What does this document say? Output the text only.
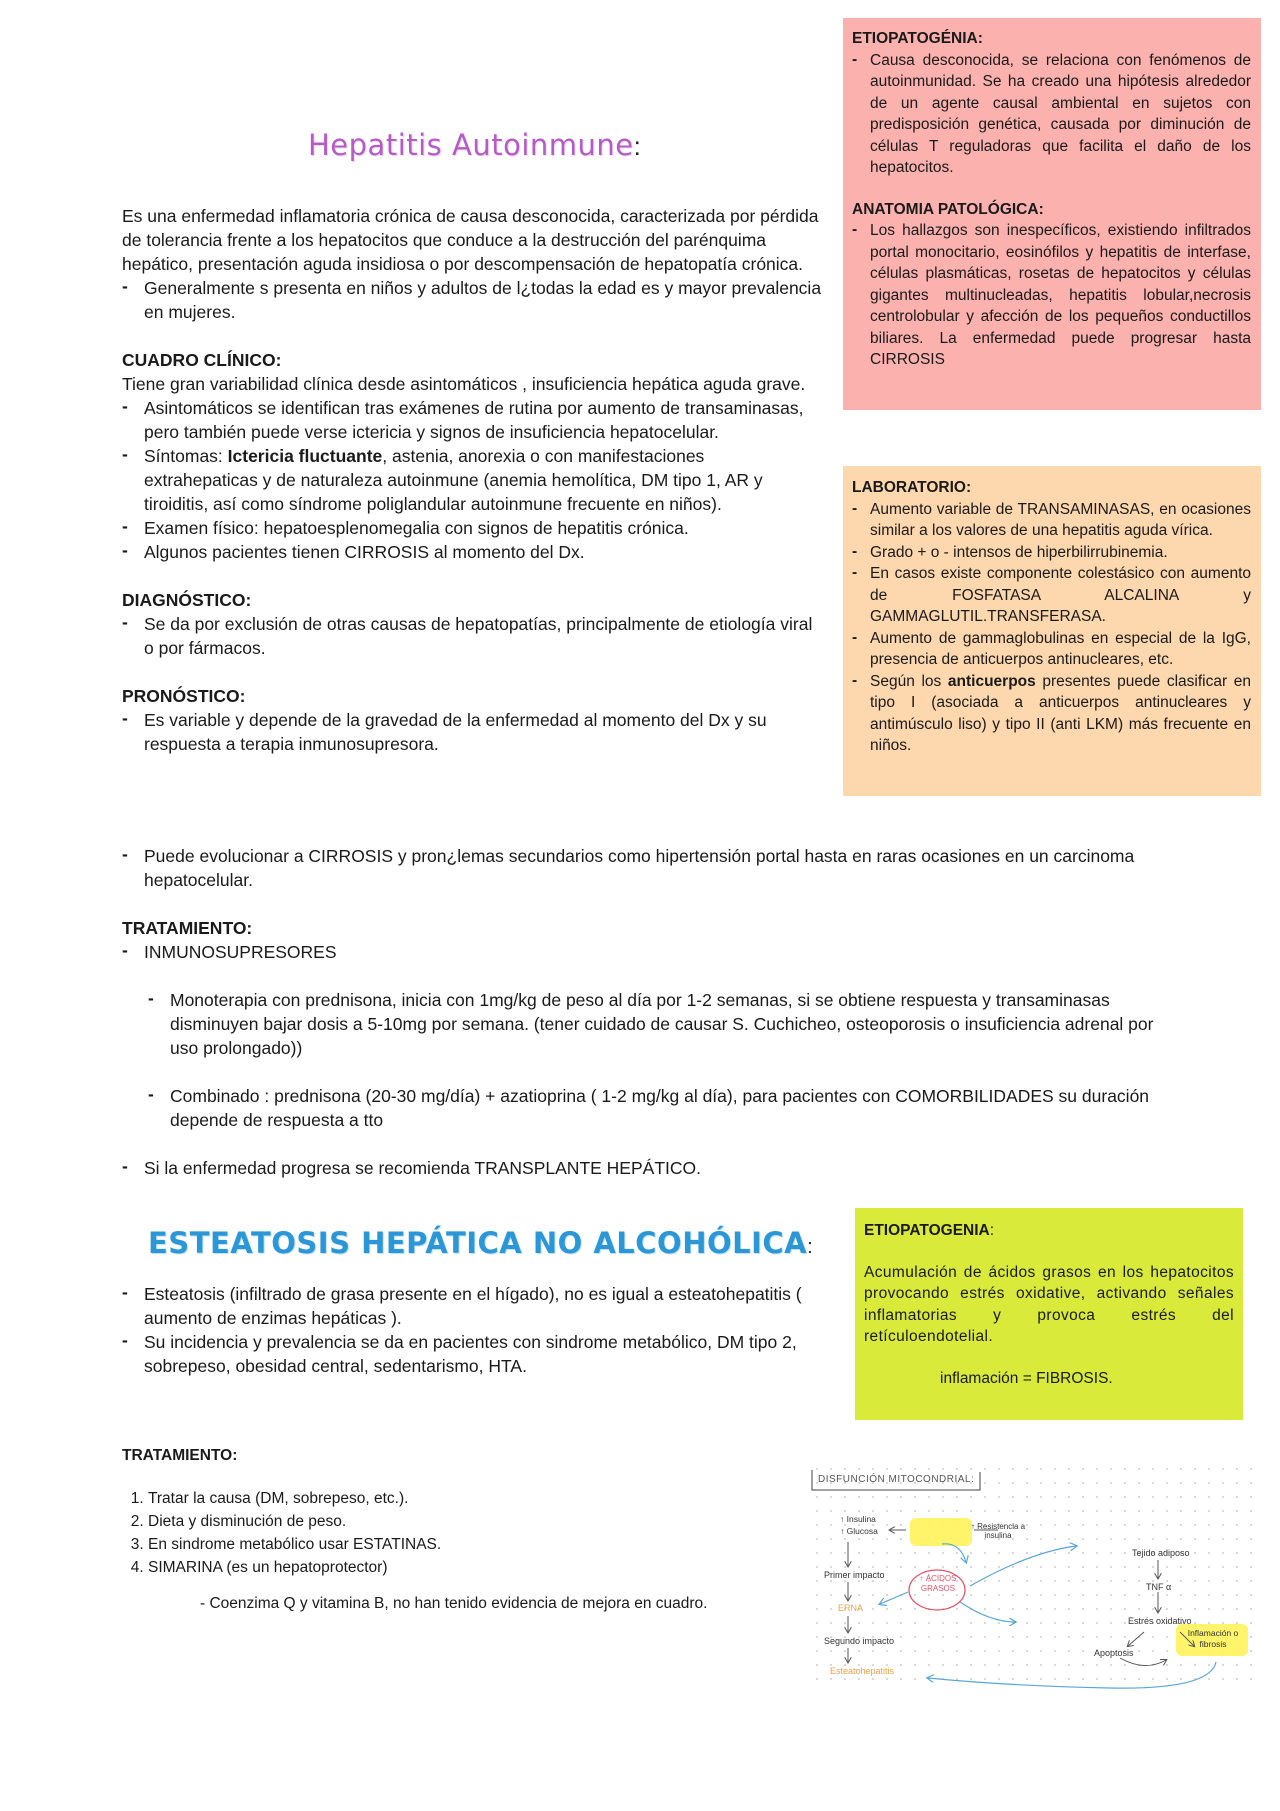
Hepatitis Autoinmune:
ETIOPATOGÉNIA:
- Causa desconocida, se relaciona con fenómenos de autoinmunidad. Se ha creado una hipótesis alrededor de un agente causal ambiental en sujetos con predisposición genética, causada por diminución de células T reguladoras que facilita el daño de los hepatocitos.
ANATOMIA PATOLÓGICA:
- Los hallazgos son inespecíficos, existiendo infiltrados portal monocitario, eosinófilos y hepatitis de interfase, células plasmáticas, rosetas de hepatocitos y células gigantes multinucleadas, hepatitis lobular,necrosis centrolobular y afección de los pequeños conductillos biliares. La enfermedad puede progresar hasta CIRROSIS
LABORATORIO:
- Aumento variable de TRANSAMINASAS, en ocasiones similar a los valores de una hepatitis aguda vírica.
- Grado + o - intensos de hiperbilirrubinemia.
- En casos existe componente colestásico con aumento de FOSFATASA ALCALINA y GAMMAGLUTIL.TRANSFERASA.
- Aumento de gammaglobulinas en especial de la IgG, presencia de anticuerpos antinucleares, etc.
- Según los anticuerpos presentes puede clasificar en tipo I (asociada a anticuerpos antinucleares y antimúsculo liso) y tipo II (anti LKM) más frecuente en niños.
Es una enfermedad inflamatoria crónica de causa desconocida, caracterizada por pérdida de tolerancia frente a los hepatocitos que conduce a la destrucción del parénquima hepático, presentación aguda insidiosa o por descompensación de hepatopatía crónica.
- Generalmente s presenta en niños y adultos de l¿todas la edad es y mayor prevalencia en mujeres.
CUADRO CLÍNICO:
Tiene gran variabilidad clínica desde asintomáticos , insuficiencia hepática aguda grave.
- Asintomáticos se identifican tras exámenes de rutina por aumento de transaminasas, pero también puede verse ictericia y signos de insuficiencia hepatocelular.
- Síntomas: Ictericia fluctuante, astenia, anorexia o con manifestaciones extrahepaticas y de naturaleza autoinmune (anemia hemolítica, DM tipo 1, AR y tiroiditis, así como síndrome poliglandular autoinmune frecuente en niños).
- Examen físico: hepatoesplenomegalia con signos de hepatitis crónica.
- Algunos pacientes tienen CIRROSIS al momento del Dx.
DIAGNÓSTICO:
- Se da por exclusión de otras causas de hepatopatías, principalmente de etiología viral o por fármacos.
PRONÓSTICO:
- Es variable y depende de la gravedad de la enfermedad al momento del Dx y su respuesta a terapia inmunosupresora.
- Puede evolucionar a CIRROSIS y pron¿lemas secundarios como hipertensión portal hasta en raras ocasiones en un carcinoma hepatocelular.
TRATAMIENTO:
- INMUNOSUPRESORES
- Monoterapia con prednisona, inicia con 1mg/kg de peso al día por 1-2 semanas, si se obtiene respuesta y transaminasas disminuyen bajar dosis a 5-10mg por semana. (tener cuidado de causar S. Cuchicheo, osteoporosis o insuficiencia adrenal por uso prolongado))
- Combinado : prednisona (20-30 mg/día) + azatioprina ( 1-2 mg/kg al día), para pacientes con COMORBILIDADES su duración depende de respuesta a tto
- Si la enfermedad progresa se recomienda TRANSPLANTE HEPÁTICO.
ESTEATOSIS HEPÁTICA NO ALCOHÓLICA:
ETIOPATOGENIA:
Acumulación de ácidos grasos en los hepatocitos provocando estrés oxidative, activando señales inflamatorias y provoca estrés del retículoendotelial.
inflamación = FIBROSIS.
- Esteatosis (infiltrado de grasa presente en el hígado), no es igual a esteatohepatitis ( aumento de enzimas hepáticas ).
- Su incidencia y prevalencia se da en pacientes con sindrome metabólico, DM tipo 2, sobrepeso, obesidad central, sedentarismo, HTA.
TRATAMIENTO:
1. Tratar la causa (DM, sobrepeso, etc.).
2. Dieta y disminución de peso.
3. En sindrome metabólico usar ESTATINAS.
4. SIMARINA (es un hepatoprotector)
- Coenzima Q y vitamina B, no han tenido evidencia de mejora en cuadro.
DISFUNCIÓN MITOCONDRIAL:
↑ Resistencia a insulina
↑ Insulina
↑ Glucosa
Tejido adiposo
Primer impacto	↑ ÁCIDOS GRASOS	TNF α
ERNA
Estrés oxidativo
Segundo impacto
Apoptosis
Inflamación o fibrosis
Esteatohepatitis
